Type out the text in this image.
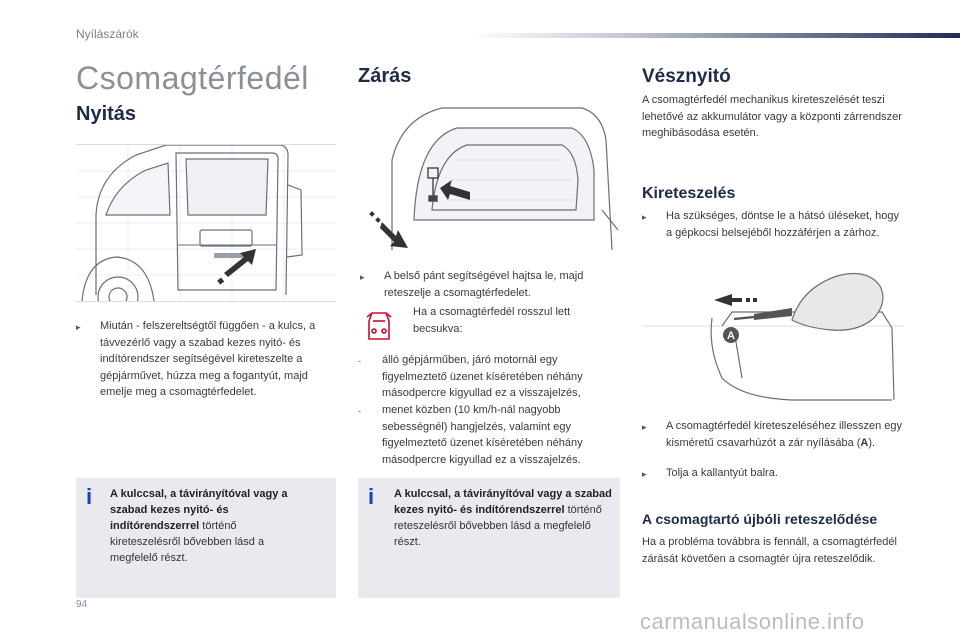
Nyílászárók
Csomagtérfedél
Nyitás
▸	Miután - felszereltségtől függően - a kulcs, a távvezérlő vagy a szabad kezes nyitó- és indítórendszer segítségével kireteszelte a gépjárművet, húzza meg a fogantyút, majd emelje meg a csomagtérfedelet.
i A kulccsal, a távirányítóval vagy a szabad kezes nyitó- és indítórendszerrel történő kireteszelésről bővebben lásd a megfelelő részt.
Zárás
▸	A belső pánt segítségével hajtsa le, majd reteszelje a csomagtérfedelet.
Ha a csomagtérfedél rosszul lett becsukva:
-	álló gépjárműben, járó motornál egy figyelmeztető üzenet kíséretében néhány másodpercre kigyullad ez a visszajelzés,
-	menet közben (10 km/h-nál nagyobb sebességnél) hangjelzés, valamint egy figyelmeztető üzenet kíséretében néhány másodpercre kigyullad ez a visszajelzés.
i A kulccsal, a távirányítóval vagy a szabad kezes nyitó- és indítórendszerrel történő reteszelésről bővebben lásd a megfelelő részt.
Vésznyitó
A csomagtérfedél mechanikus kireteszelését teszi lehetővé az akkumulátor vagy a központi zárrendszer meghibásodása esetén.
Kireteszelés
▸	Ha szükséges, döntse le a hátsó üléseket, hogy a gépkocsi belsejéből hozzáférjen a zárhoz.
A
▸	A csomagtérfedél kireteszeléséhez illesszen egy kisméretű csavarhúzót a zár nyílásába (A).
▸	Tolja a kallantyút balra.
A csomagtartó újbóli reteszelődése
Ha a probléma továbbra is fennáll, a csomagtérfedél zárását követően a csomagtér újra reteszelődik.
94
carmanualsonline.info
